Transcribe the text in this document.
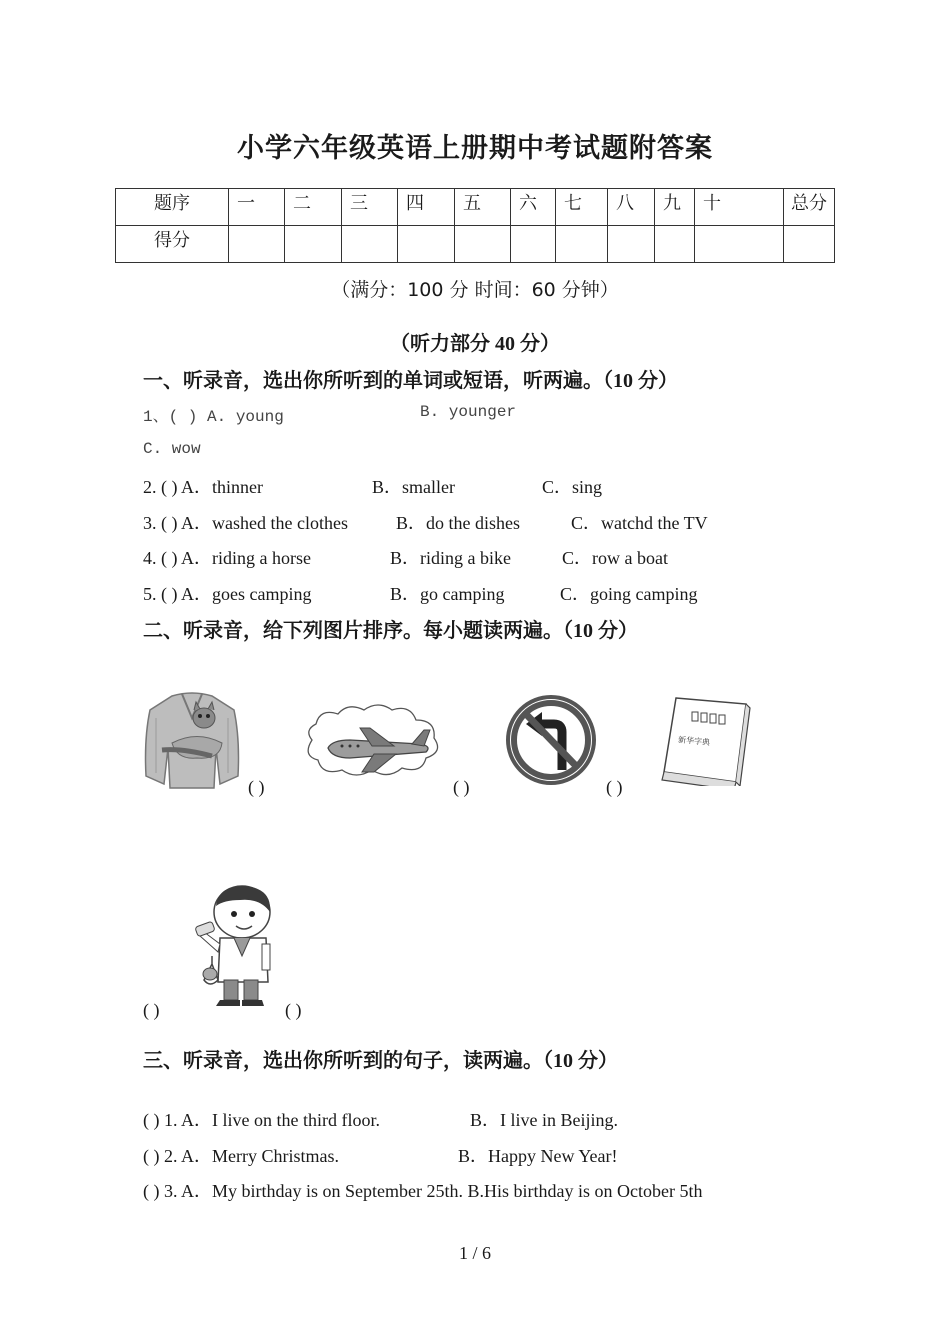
小学六年级英语上册期中考试题附答案
题序	一	二	三	四	五	六	七	八	九	十	总分
得分											
（满分：100 分 时间：60 分钟）
（听力部分 40 分）
一、听录音，选出你所听到的单词或短语，听两遍。（10 分）
1、( ) A. young	B. younger
C. wow
2. ( ) A．thinner	B．smaller	C．sing
3. ( ) A．washed the clothes	B．do the dishes	C．watchd the TV
4. ( ) A．riding a horse	B．riding a bike	C．row a boat
5. ( ) A．goes camping	B．go camping	C．going camping
二、听录音，给下列图片排序。每小题读两遍。（10 分）
( )	( )	( )
新华字典
( )	( )
三、听录音，选出你所听到的句子，读两遍。（10 分）
( ) 1. A．I live on the third floor.	B．I live in Beijing.
( ) 2. A．Merry Christmas.	B．Happy New Year!
( ) 3. A．My birthday is on September 25th. B.His birthday is on October 5th
1 / 6
